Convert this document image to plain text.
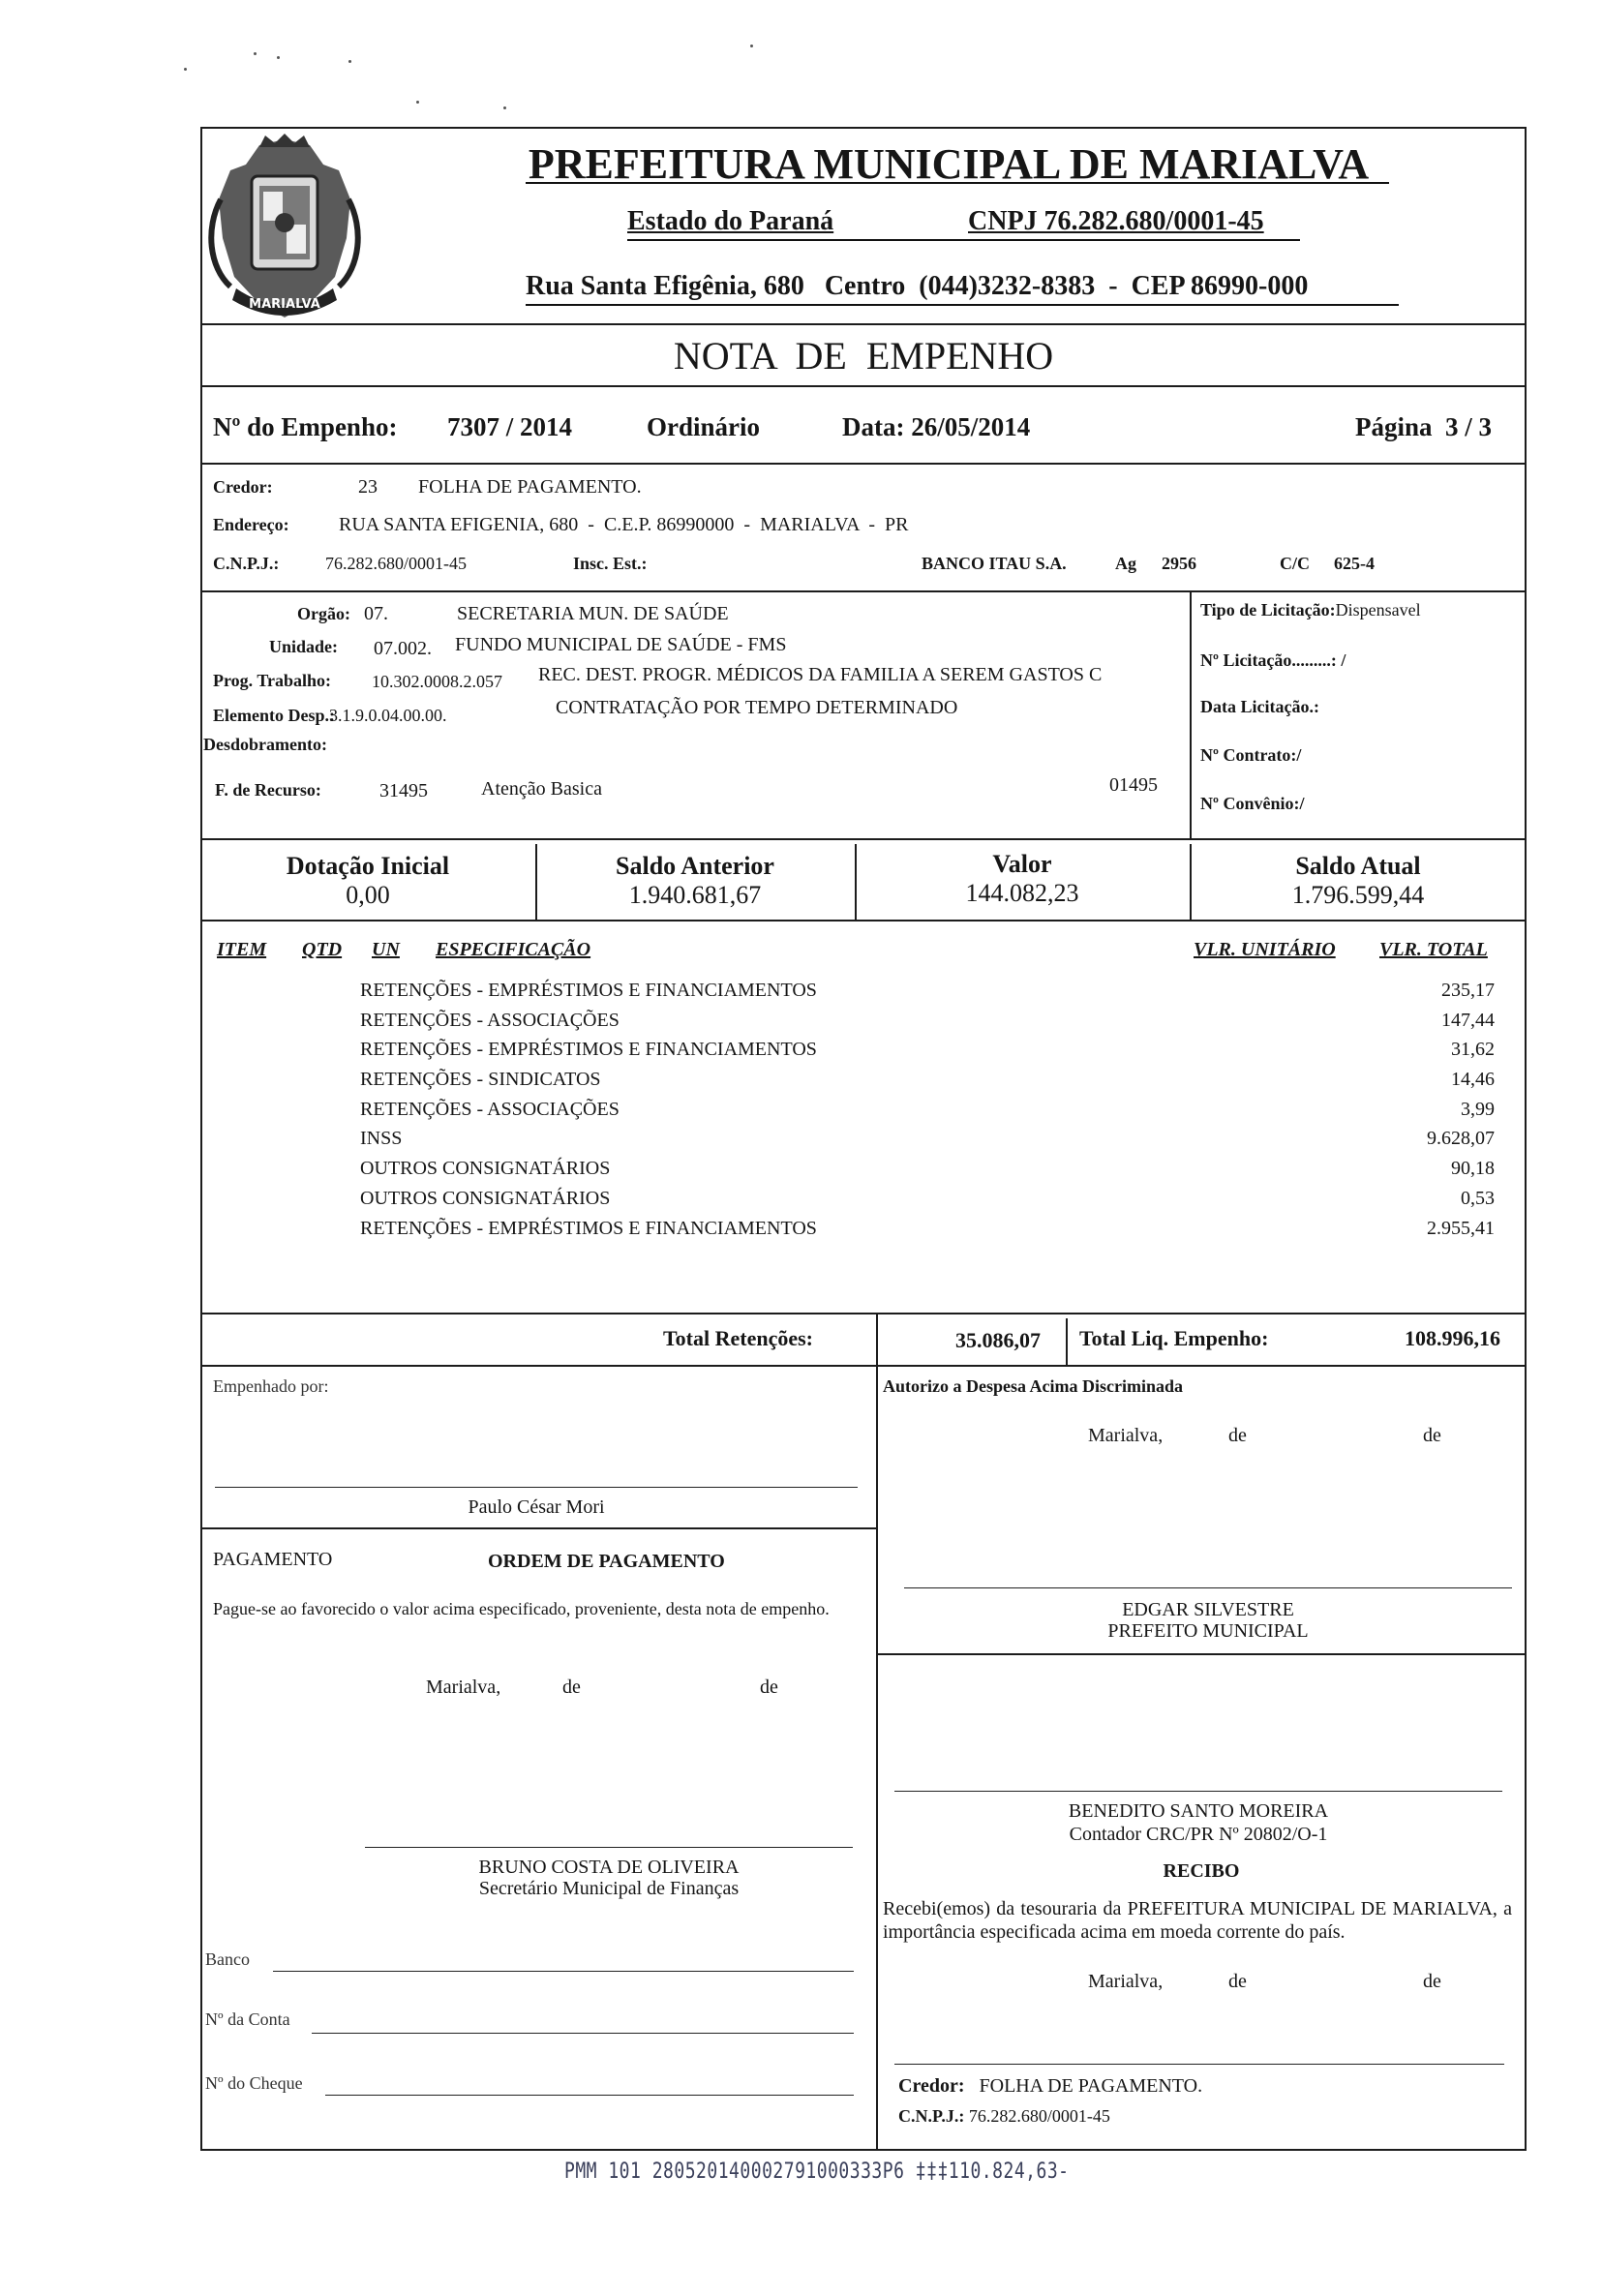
MARIALVA
PREFEITURA MUNICIPAL DE MARIALVA
Estado do Paraná	CNPJ 76.282.680/0001-45
Rua Santa Efigênia, 680   Centro  (044)3232-8383  -  CEP 86990-000
NOTA  DE  EMPENHO
Nº do Empenho: 7307 / 2014	Ordinário	Data: 26/05/2014	Página  3 / 3
Credor:	23 FOLHA DE PAGAMENTO.
Endereço:	RUA SANTA EFIGENIA, 680  -  C.E.P. 86990000  -  MARIALVA  -  PR
C.N.P.J.:	76.282.680/0001-45	Insc. Est.:	BANCO ITAU S.A.	Ag 2956	C/C 625-4
Orgão: 07.	SECRETARIA MUN. DE SAÚDE
Unidade: 07.002. FUNDO MUNICIPAL DE SAÚDE - FMS
Prog. Trabalho: 10.302.0008.2.057 REC. DEST. PROGR. MÉDICOS DA FAMILIA A SEREM GASTOS C
Elemento Desp.:
3.1.9.0.04.00.00.	CONTRATAÇÃO POR TEMPO DETERMINADO
Desdobramento:
F. de Recurso:	31495	Atenção Basica	01495
Tipo de Licitação:Dispensavel
Nº Licitação.........: /
Data Licitação.:
Nº Contrato:/
Nº Convênio:/
Dotação Inicial
0,00
Saldo Anterior
1.940.681,67
Valor
144.082,23
Saldo Atual
1.796.599,44
ITEM QTD UN ESPECIFICAÇÃO	VLR. UNITÁRIO VLR. TOTAL
RETENÇÕES - EMPRÉSTIMOS E FINANCIAMENTOS	235,17
RETENÇÕES - ASSOCIAÇÕES	147,44
RETENÇÕES - EMPRÉSTIMOS E FINANCIAMENTOS	31,62
RETENÇÕES - SINDICATOS	14,46
RETENÇÕES - ASSOCIAÇÕES	3,99
INSS	9.628,07
OUTROS CONSIGNATÁRIOS	90,18
OUTROS CONSIGNATÁRIOS	0,53
RETENÇÕES - EMPRÉSTIMOS E FINANCIAMENTOS	2.955,41
Total Retenções:	35.086,07 Total Liq. Empenho:	108.996,16
Empenhado por:
Paulo César Mori
Autorizo a Despesa Acima Discriminada
Marialva,	de	de
EDGAR SILVESTRE
PREFEITO MUNICIPAL
PAGAMENTO	ORDEM DE PAGAMENTO
Pague-se ao favorecido o valor acima especificado, proveniente, desta nota de empenho.
Marialva,	de	de
BRUNO COSTA DE OLIVEIRA
Secretário Municipal de Finanças
Banco
Nº da Conta
Nº do Cheque
BENEDITO SANTO MOREIRA
Contador CRC/PR Nº 20802/O-1
RECIBO
Recebi(emos) da tesouraria da PREFEITURA MUNICIPAL DE MARIALVA, a importância especificada acima em moeda corrente do país.
Marialva,	de	de
Credor: FOLHA DE PAGAMENTO.
C.N.P.J.: 76.282.680/0001-45
PMM 101 280520140002791000333P6 ‡‡‡110.824,63-
